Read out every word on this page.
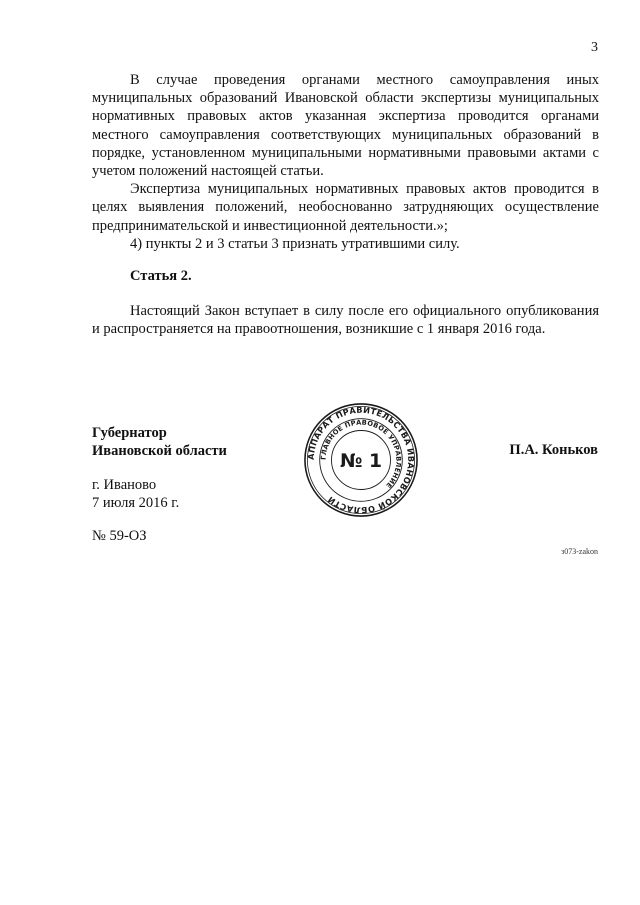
3

В случае проведения органами местного самоуправления иных муниципальных образований Ивановской области экспертизы муниципальных нормативных правовых актов указанная экспертиза проводится органами местного самоуправления соответствующих муниципальных образований в порядке, установленном муниципальными нормативными правовыми актами с учетом положений настоящей статьи.

Экспертиза муниципальных нормативных правовых актов проводится в целях выявления положений, необоснованно затрудняющих осуществление предпринимательской и инвестиционной деятельности.»;

4) пункты 2 и 3 статьи 3 признать утратившими силу.

Статья 2.

Настоящий Закон вступает в силу после его официального опубликования и распространяется на правоотношения, возникшие с 1 января 2016 года.

Губернатор
Ивановской области	П.А. Коньков
АППАРАТ ПРАВИТЕЛЬСТВА ИВАНОВСКОЙ ОБЛАСТИ
ГЛАВНОЕ ПРАВОВОЕ УПРАВЛЕНИЕ
№ 1
г. Иваново
7 июля 2016 г.
№ 59-ОЗ
з073-zakon
